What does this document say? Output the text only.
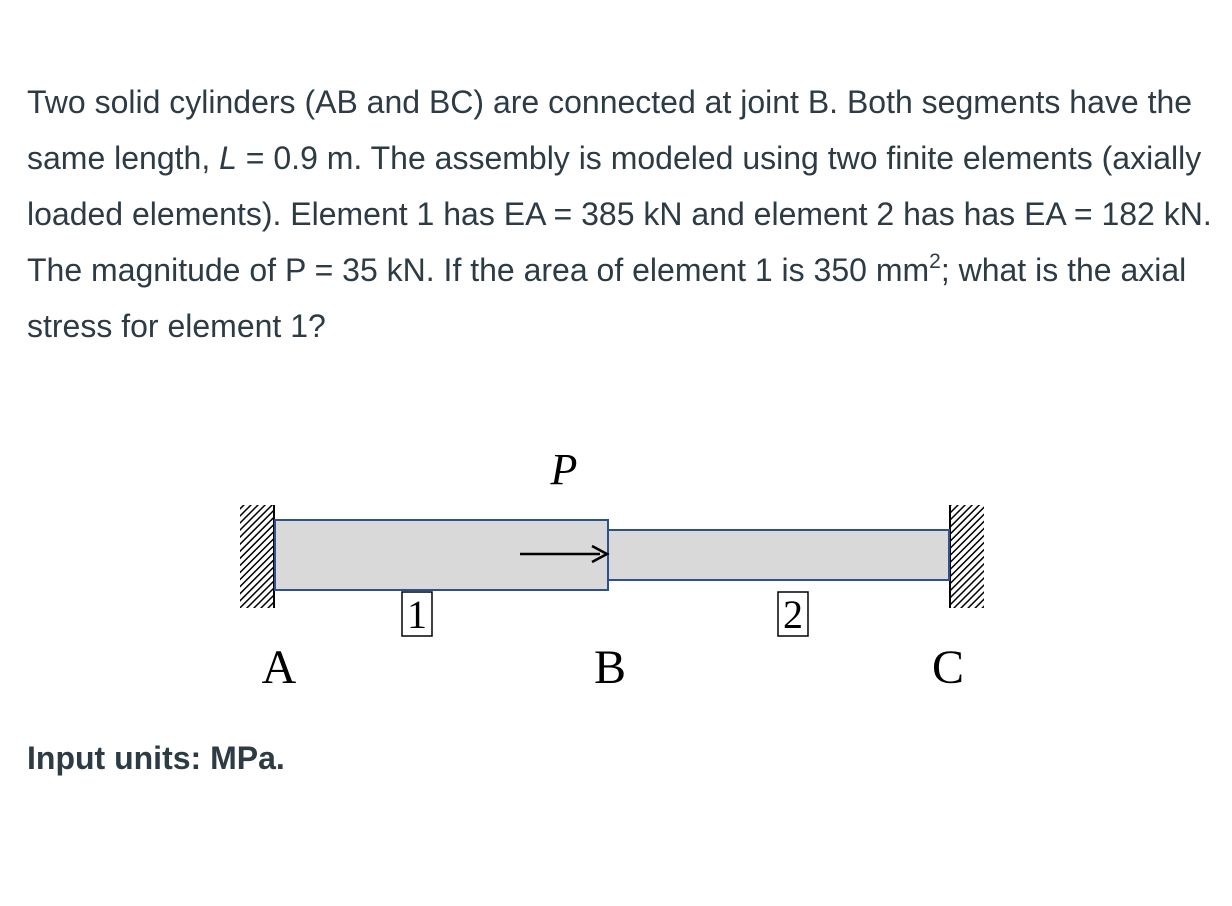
Two solid cylinders (AB and BC) are connected at joint B. Both segments have the same length, L = 0.9 m. The assembly is modeled using two finite elements (axially loaded elements). Element 1 has EA = 385 kN and element 2 has has EA = 182 kN. The magnitude of P = 35 kN. If the area of element 1 is 350 $mm^2$; what is the axial stress for element 1?

P
1	2
A	B	C

Input units: MPa.
